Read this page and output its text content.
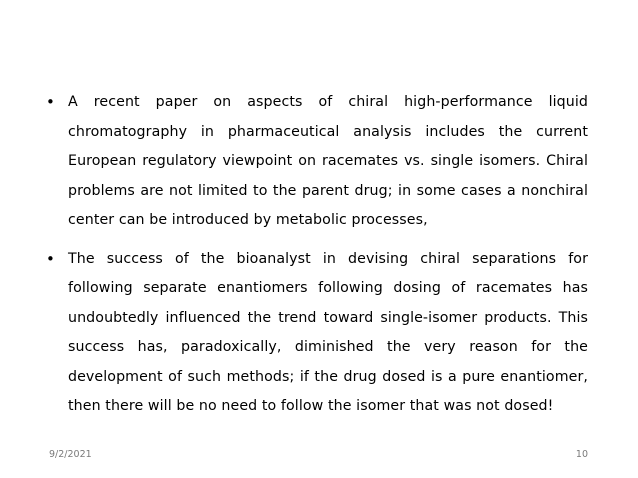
• A recent paper on aspects of chiral high-performance liquid chromatography in pharmaceutical analysis includes the current European regulatory viewpoint on racemates vs. single isomers. Chiral problems are not limited to the parent drug; in some cases a nonchiral center can be introduced by metabolic processes,
• The success of the bioanalyst in devising chiral separations for following separate enantiomers following dosing of racemates has undoubtedly influenced the trend toward single-isomer products. This success has, paradoxically, diminished the very reason for the development of such methods; if the drug dosed is a pure enantiomer, then there will be no need to follow the isomer that was not dosed!
9/2/2021	10
